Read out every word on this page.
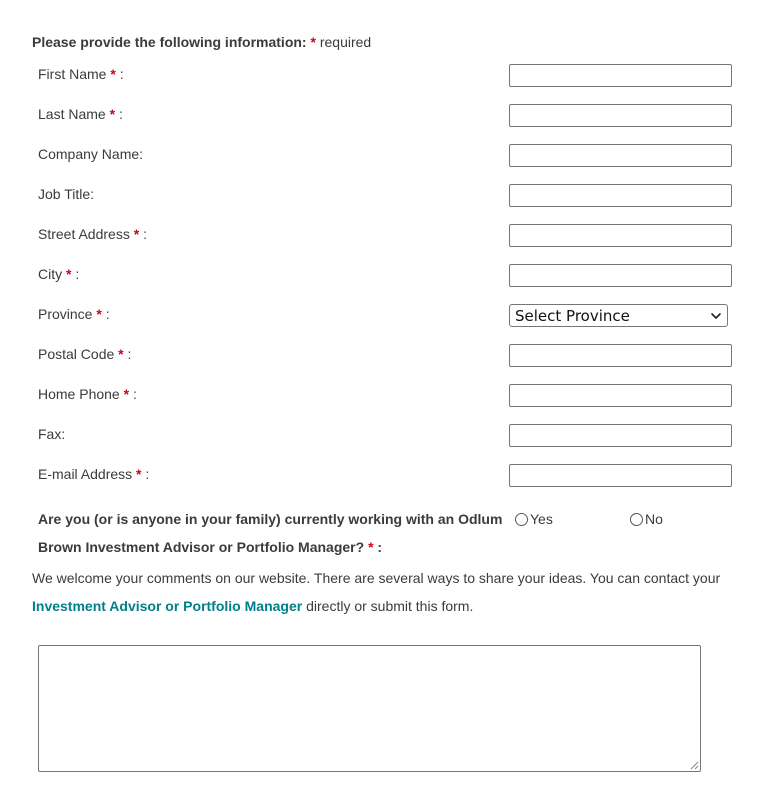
Please provide the following information: * required
First Name * :
Last Name * :
Company Name:
Job Title:
Street Address * :
City * :
Province * :	Select Province
Postal Code * :
Home Phone * :
Fax:
E-mail Address * :
Are you (or is anyone in your family) currently working with an Odlum Brown Investment Advisor or Portfolio Manager? * :
Yes	No
We welcome your comments on our website. There are several ways to share your ideas. You can contact your Investment Advisor or Portfolio Manager directly or submit this form.
